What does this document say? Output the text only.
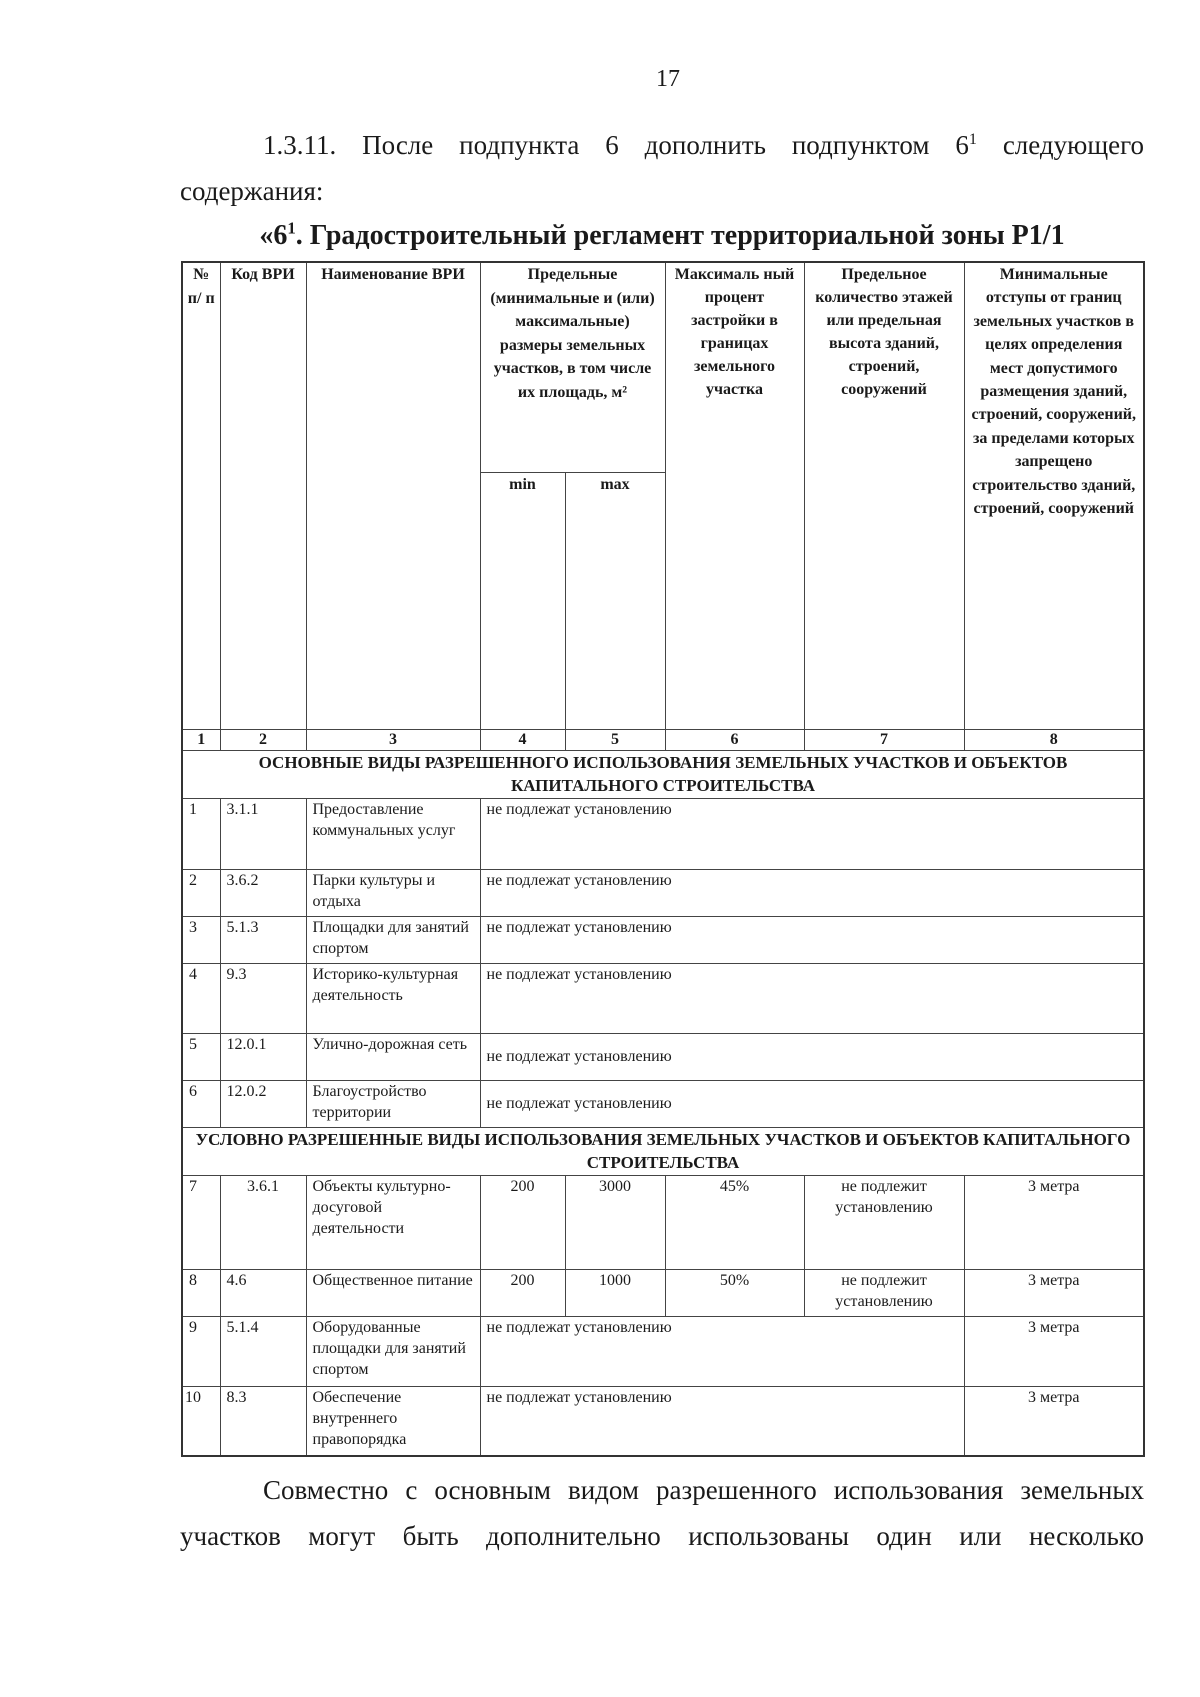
17
1.3.11. После подпункта 6 дополнить подпунктом $6^1$ следующего содержания:
«$6^1$. Градостроительный регламент территориальной зоны Р1/1
№ п/ п	Код ВРИ	Наименование ВРИ	Предельные (минимальные и (или) максимальные) размеры земельных участков, в том числе их площадь, м²		Максималь ный процент застройки в границах земельного участка	Предельное количество этажей или предельная высота зданий, строений, сооружений	Минимальные отступы от границ земельных участков в целях определения мест допустимого размещения зданий, строений, сооружений, за пределами которых запрещено строительство зданий, строений, сооружений
			min	max			
1	2	3	4	5	6	7	8
ОСНОВНЫЕ ВИДЫ РАЗРЕШЕННОГО ИСПОЛЬЗОВАНИЯ ЗЕМЕЛЬНЫХ УЧАСТКОВ И ОБЪЕКТОВ КАПИТАЛЬНОГО СТРОИТЕЛЬСТВА							
1	3.1.1	Предоставление коммунальных услуг	не подлежат установлению				
2	3.6.2	Парки культуры и отдыха	не подлежат установлению				
3	5.1.3	Площадки для занятий спортом	не подлежат установлению				
4	9.3	Историко-культурная деятельность	не подлежат установлению				
5	12.0.1	Улично-дорожная сеть	не подлежат установлению				
6	12.0.2	Благоустройство территории	не подлежат установлению				
УСЛОВНО РАЗРЕШЕННЫЕ ВИДЫ ИСПОЛЬЗОВАНИЯ ЗЕМЕЛЬНЫХ УЧАСТКОВ И ОБЪЕКТОВ КАПИТАЛЬНОГО СТРОИТЕЛЬСТВА							
7	3.6.1	Объекты культурно-досуговой деятельности	200	3000	45%	не подлежит установлению	3 метра
8	4.6	Общественное питание	200	1000	50%	не подлежит установлению	3 метра
9	5.1.4	Оборудованные площадки для занятий спортом	не подлежат установлению				3 метра
10	8.3	Обеспечение внутреннего правопорядка	не подлежат установлению				3 метра
Совместно с основным видом разрешенного использования земельных
участков могут быть дополнительно использованы один или несколько
